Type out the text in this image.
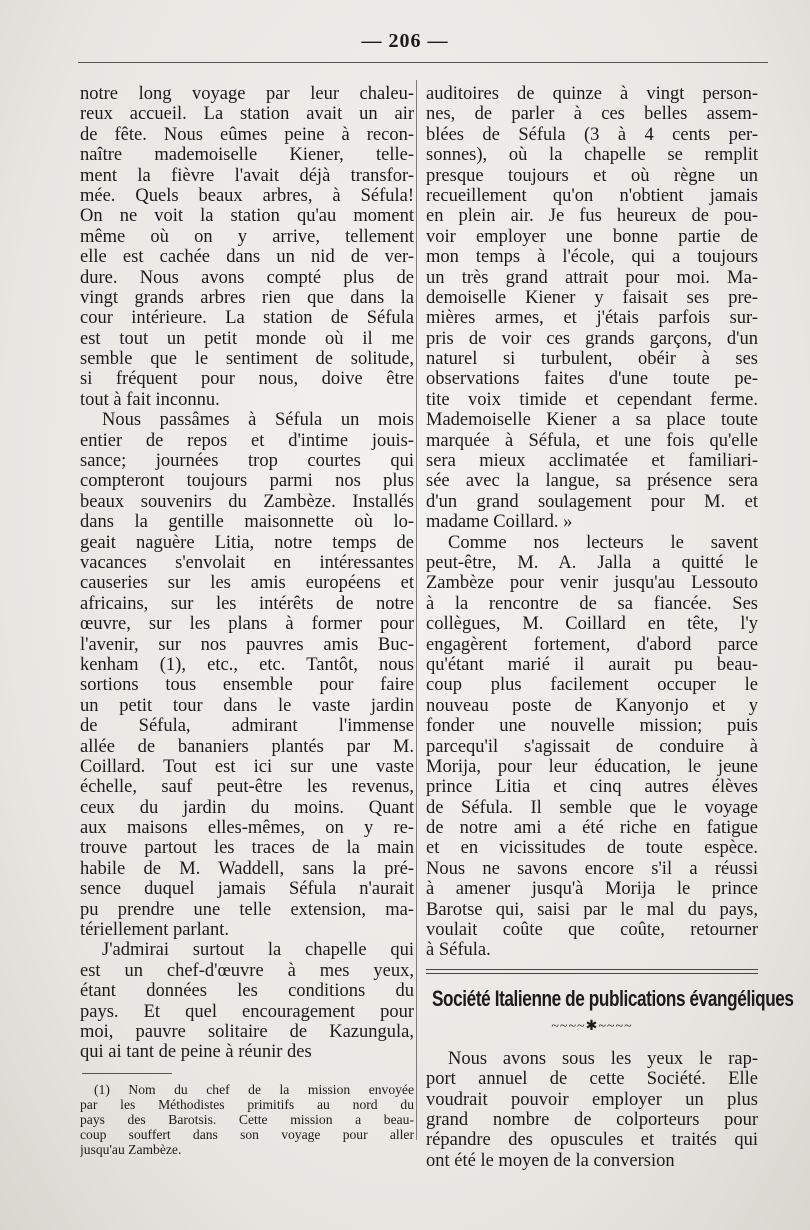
— 206 —
notre long voyage par leur chaleu-
reux accueil. La station avait un air
de fête. Nous eûmes peine à recon-
naître mademoiselle Kiener, telle-
ment la fièvre l'avait déjà transfor-
mée. Quels beaux arbres, à Séfula!
On ne voit la station qu'au moment
même où on y arrive, tellement
elle est cachée dans un nid de ver-
dure. Nous avons compté plus de
vingt grands arbres rien que dans la
cour intérieure. La station de Séfula
est tout un petit monde où il me
semble que le sentiment de solitude,
si fréquent pour nous, doive être
tout à fait inconnu.
Nous passâmes à Séfula un mois
entier de repos et d'intime jouis-
sance; journées trop courtes qui
compteront toujours parmi nos plus
beaux souvenirs du Zambèze. Installés
dans la gentille maisonnette où lo-
geait naguère Litia, notre temps de
vacances s'envolait en intéressantes
causeries sur les amis européens et
africains, sur les intérêts de notre
œuvre, sur les plans à former pour
l'avenir, sur nos pauvres amis Buc-
kenham (1), etc., etc. Tantôt, nous
sortions tous ensemble pour faire
un petit tour dans le vaste jardin
de Séfula, admirant l'immense
allée de bananiers plantés par M.
Coillard. Tout est ici sur une vaste
échelle, sauf peut-être les revenus,
ceux du jardin du moins. Quant
aux maisons elles-mêmes, on y re-
trouve partout les traces de la main
habile de M. Waddell, sans la pré-
sence duquel jamais Séfula n'aurait
pu prendre une telle extension, ma-
tériellement parlant.
J'admirai surtout la chapelle qui
est un chef-d'œuvre à mes yeux,
étant données les conditions du
pays. Et quel encouragement pour
moi, pauvre solitaire de Kazungula,
qui ai tant de peine à réunir des
(1) Nom du chef de la mission envoyée
par les Méthodistes primitifs au nord du
pays des Barotsis. Cette mission a beau-
coup souffert dans son voyage pour aller
jusqu'au Zambèze.
auditoires de quinze à vingt person-
nes, de parler à ces belles assem-
blées de Séfula (3 à 4 cents per-
sonnes), où la chapelle se remplit
presque toujours et où règne un
recueillement qu'on n'obtient jamais
en plein air. Je fus heureux de pou-
voir employer une bonne partie de
mon temps à l'école, qui a toujours
un très grand attrait pour moi. Ma-
demoiselle Kiener y faisait ses pre-
mières armes, et j'étais parfois sur-
pris de voir ces grands garçons, d'un
naturel si turbulent, obéir à ses
observations faites d'une toute pe-
tite voix timide et cependant ferme.
Mademoiselle Kiener a sa place toute
marquée à Séfula, et une fois qu'elle
sera mieux acclimatée et familiari-
sée avec la langue, sa présence sera
d'un grand soulagement pour M. et
madame Coillard. »
Comme nos lecteurs le savent
peut-être, M. A. Jalla a quitté le
Zambèze pour venir jusqu'au Lessouto
à la rencontre de sa fiancée. Ses
collègues, M. Coillard en tête, l'y
engagèrent fortement, d'abord parce
qu'étant marié il aurait pu beau-
coup plus facilement occuper le
nouveau poste de Kanyonjo et y
fonder une nouvelle mission; puis
parcequ'il s'agissait de conduire à
Morija, pour leur éducation, le jeune
prince Litia et cinq autres élèves
de Séfula. Il semble que le voyage
de notre ami a été riche en fatigue
et en vicissitudes de toute espèce.
Nous ne savons encore s'il a réussi
à amener jusqu'à Morija le prince
Barotse qui, saisi par le mal du pays,
voulait coûte que coûte, retourner
à Séfula.
Société Italienne de publications évangéliques
~~~~✱~~~~
Nous avons sous les yeux le rap-
port annuel de cette Société. Elle
voudrait pouvoir employer un plus
grand nombre de colporteurs pour
répandre des opuscules et traités qui
ont été le moyen de la conversion
